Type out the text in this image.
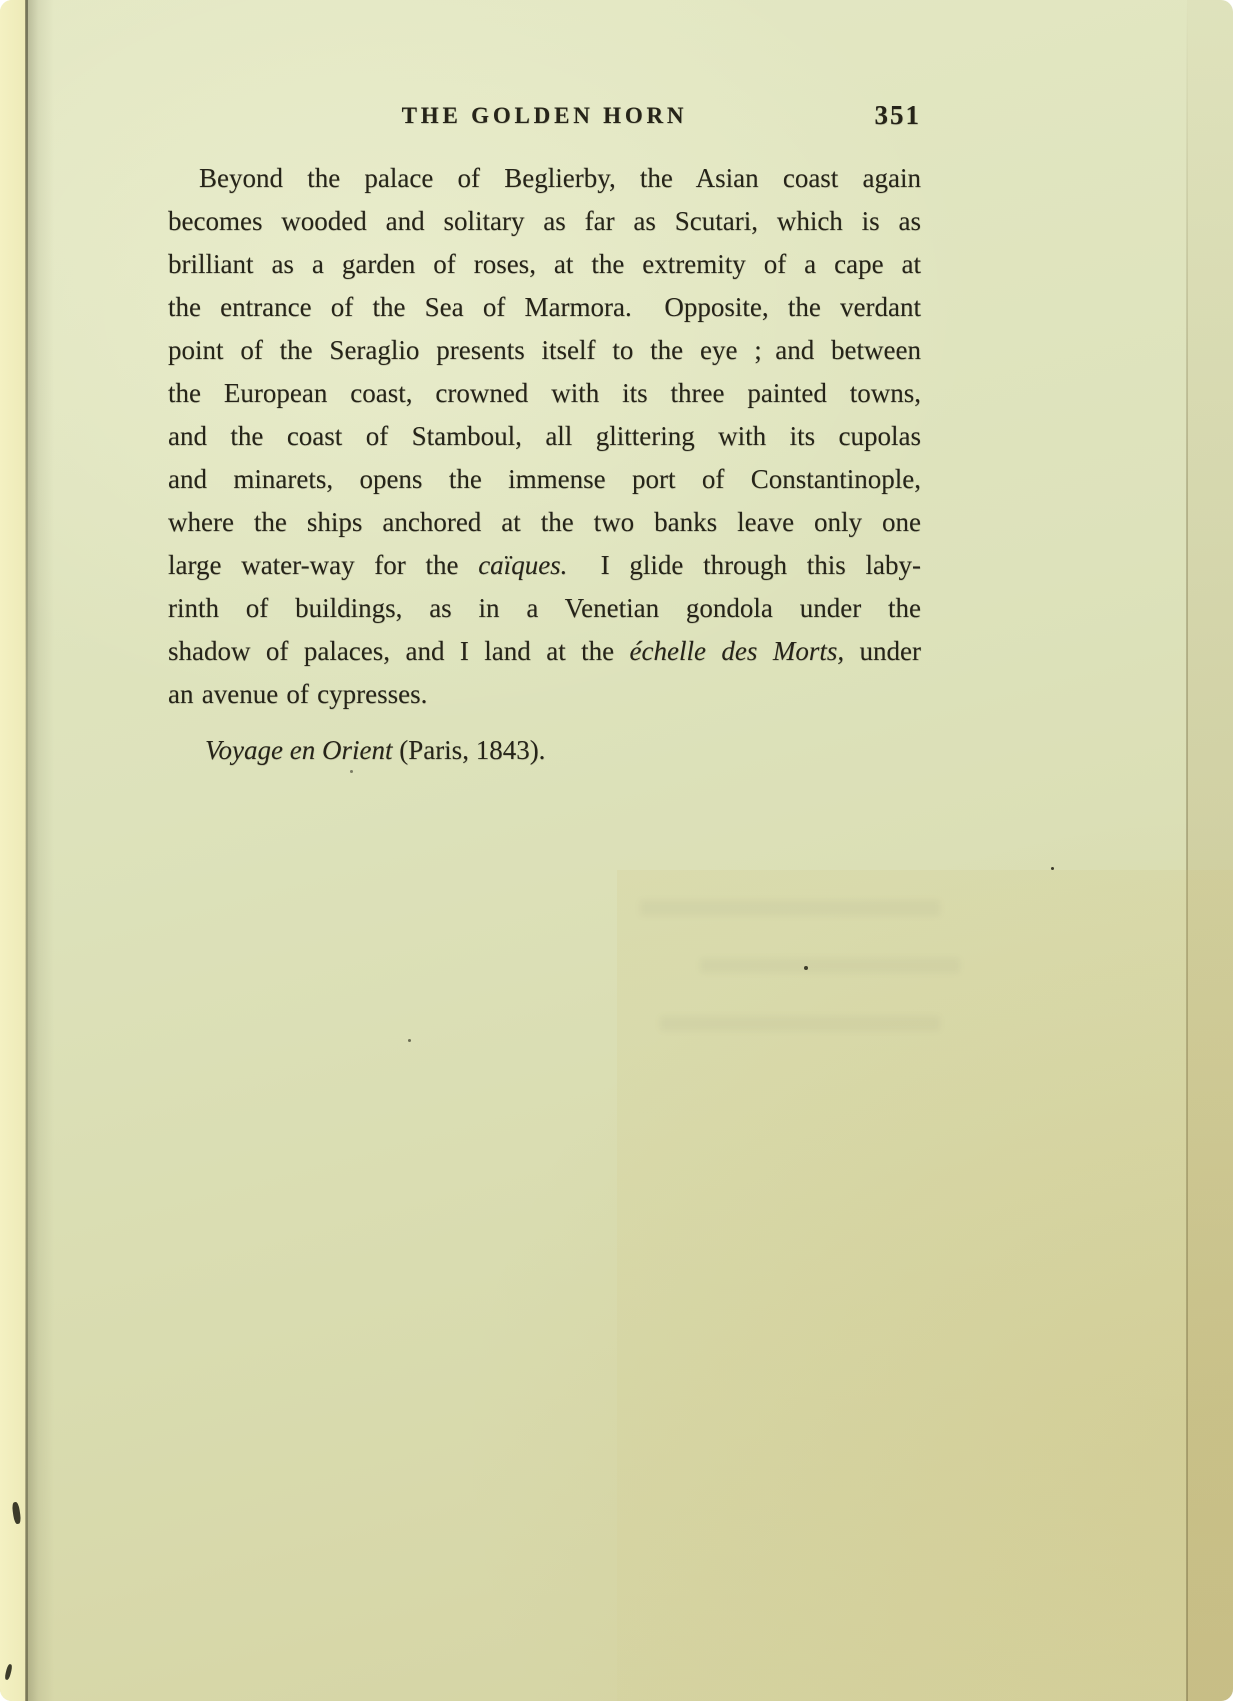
THE GOLDEN HORN	351
Beyond the palace of Beglierby, the Asian coast again
becomes wooded and solitary as far as Scutari, which is as
brilliant as a garden of roses, at the extremity of a cape at
the entrance of the Sea of Marmora.  Opposite, the verdant
point of the Seraglio presents itself to the eye ; and between
the European coast, crowned with its three painted towns,
and the coast of Stamboul, all glittering with its cupolas
and minarets, opens the immense port of Constantinople,
where the ships anchored at the two banks leave only one
large water-way for the caïques.  I glide through this laby-
rinth of buildings, as in a Venetian gondola under the
shadow of palaces, and I land at the échelle des Morts, under
an avenue of cypresses.
Voyage en Orient (Paris, 1843).
